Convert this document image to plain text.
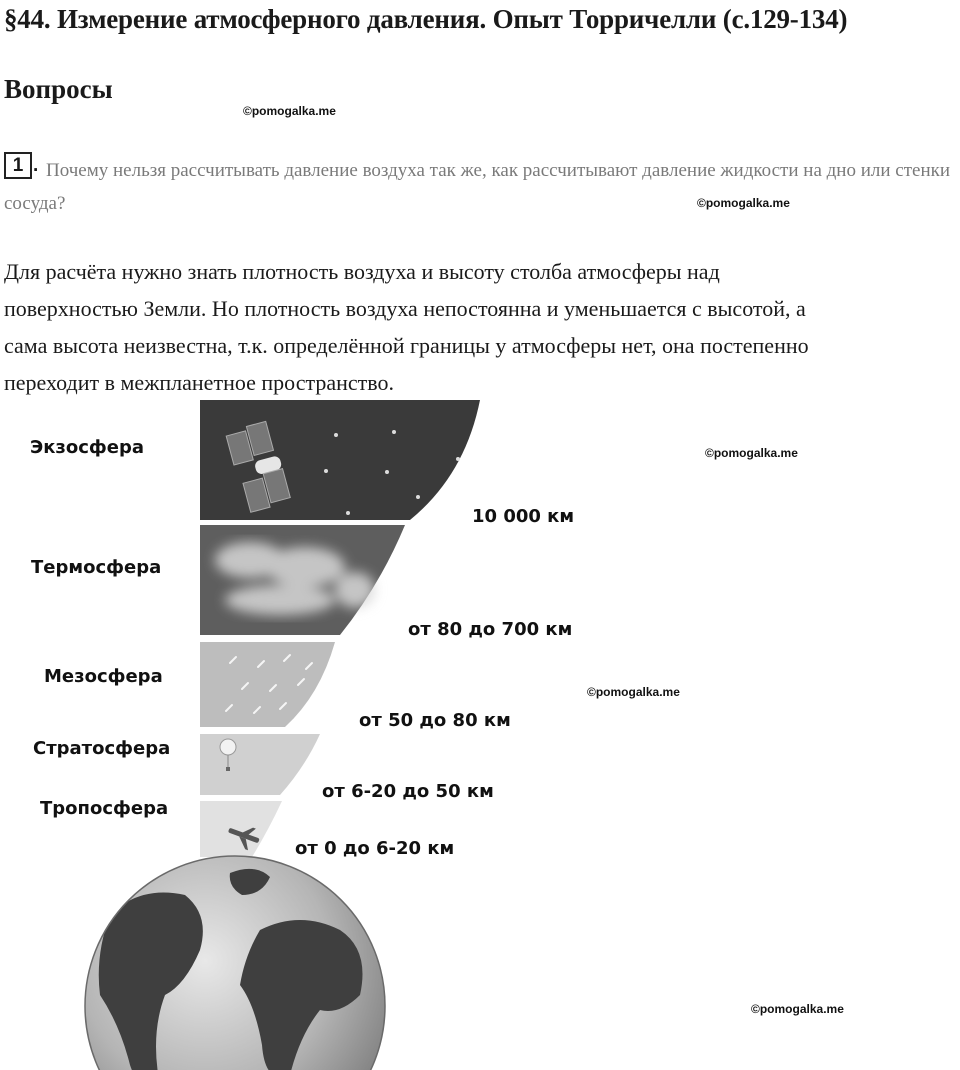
§44. Измерение атмосферного давления. Опыт Торричелли (с.129-134)
Вопросы
©pomogalka.me
1 . Почему нельзя рассчитывать давление воздуха так же, как рассчитывают давление жидкости на дно или стенки сосуда?	©pomogalka.me
Для расчёта нужно знать плотность воздуха и высоту столба атмосферы над
поверхностью Земли. Но плотность воздуха непостоянна и уменьшается с высотой, а
сама высота неизвестна, т.к. определённой границы у атмосферы нет, она постепенно
переходит в межпланетное пространство.
©pomogalka.me
©pomogalka.me
©pomogalka.me
Экзосфера
Термосфера
Мезосфера
Стратосфера
Тропосфера
10 000 км
от 80 до 700 км
от 50 до 80 км
от 6-20 до 50 км
от 0 до 6-20 км
